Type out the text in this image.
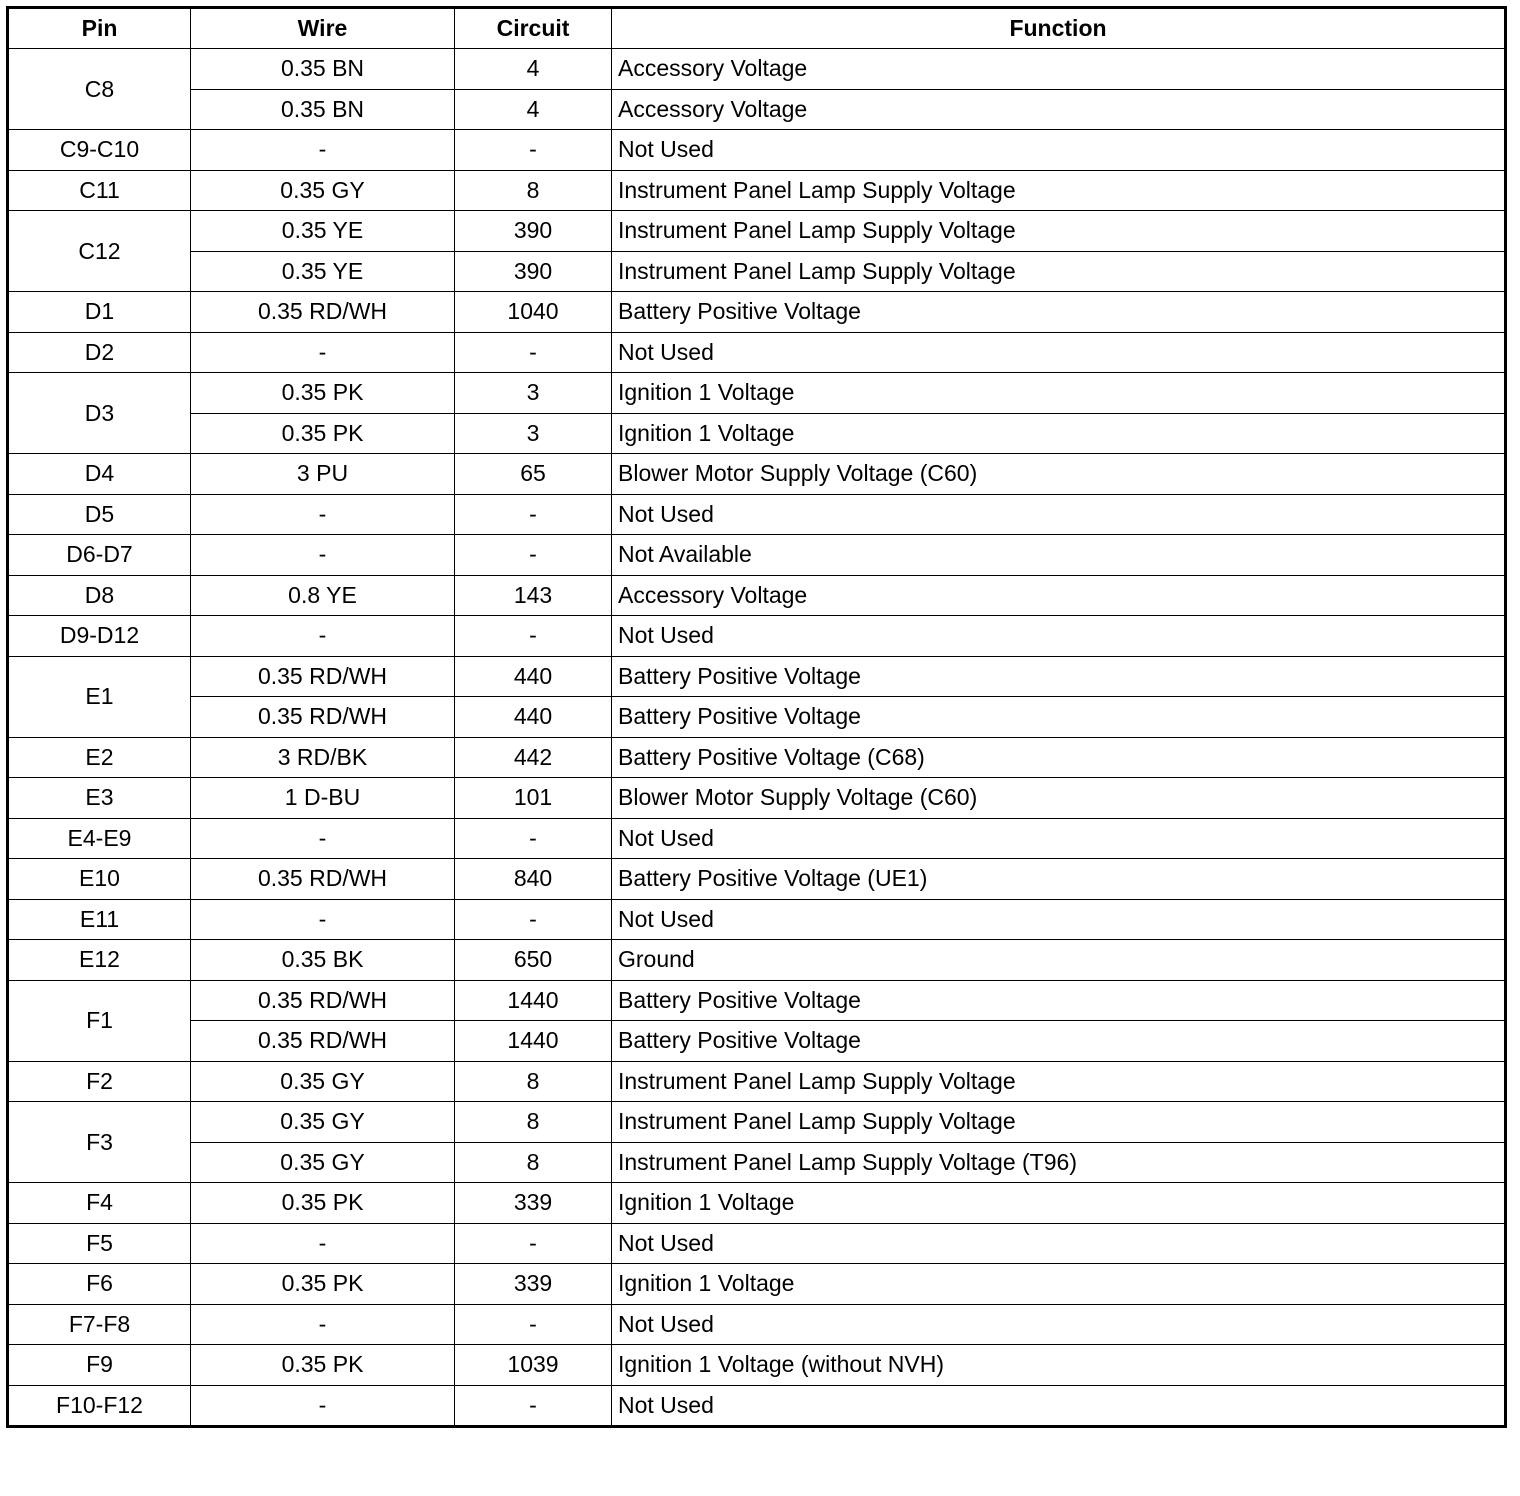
Pin	Wire	Circuit	Function
C8	0.35 BN	4	Accessory Voltage
	0.35 BN	4	Accessory Voltage
C9-C10	-	-	Not Used
C11	0.35 GY	8	Instrument Panel Lamp Supply Voltage
C12	0.35 YE	390	Instrument Panel Lamp Supply Voltage
	0.35 YE	390	Instrument Panel Lamp Supply Voltage
D1	0.35 RD/WH	1040	Battery Positive Voltage
D2	-	-	Not Used
D3	0.35 PK	3	Ignition 1 Voltage
	0.35 PK	3	Ignition 1 Voltage
D4	3 PU	65	Blower Motor Supply Voltage (C60)
D5	-	-	Not Used
D6-D7	-	-	Not Available
D8	0.8 YE	143	Accessory Voltage
D9-D12	-	-	Not Used
E1	0.35 RD/WH	440	Battery Positive Voltage
	0.35 RD/WH	440	Battery Positive Voltage
E2	3 RD/BK	442	Battery Positive Voltage (C68)
E3	1 D-BU	101	Blower Motor Supply Voltage (C60)
E4-E9	-	-	Not Used
E10	0.35 RD/WH	840	Battery Positive Voltage (UE1)
E11	-	-	Not Used
E12	0.35 BK	650	Ground
F1	0.35 RD/WH	1440	Battery Positive Voltage
	0.35 RD/WH	1440	Battery Positive Voltage
F2	0.35 GY	8	Instrument Panel Lamp Supply Voltage
F3	0.35 GY	8	Instrument Panel Lamp Supply Voltage
	0.35 GY	8	Instrument Panel Lamp Supply Voltage (T96)
F4	0.35 PK	339	Ignition 1 Voltage
F5	-	-	Not Used
F6	0.35 PK	339	Ignition 1 Voltage
F7-F8	-	-	Not Used
F9	0.35 PK	1039	Ignition 1 Voltage (without NVH)
F10-F12	-	-	Not Used
